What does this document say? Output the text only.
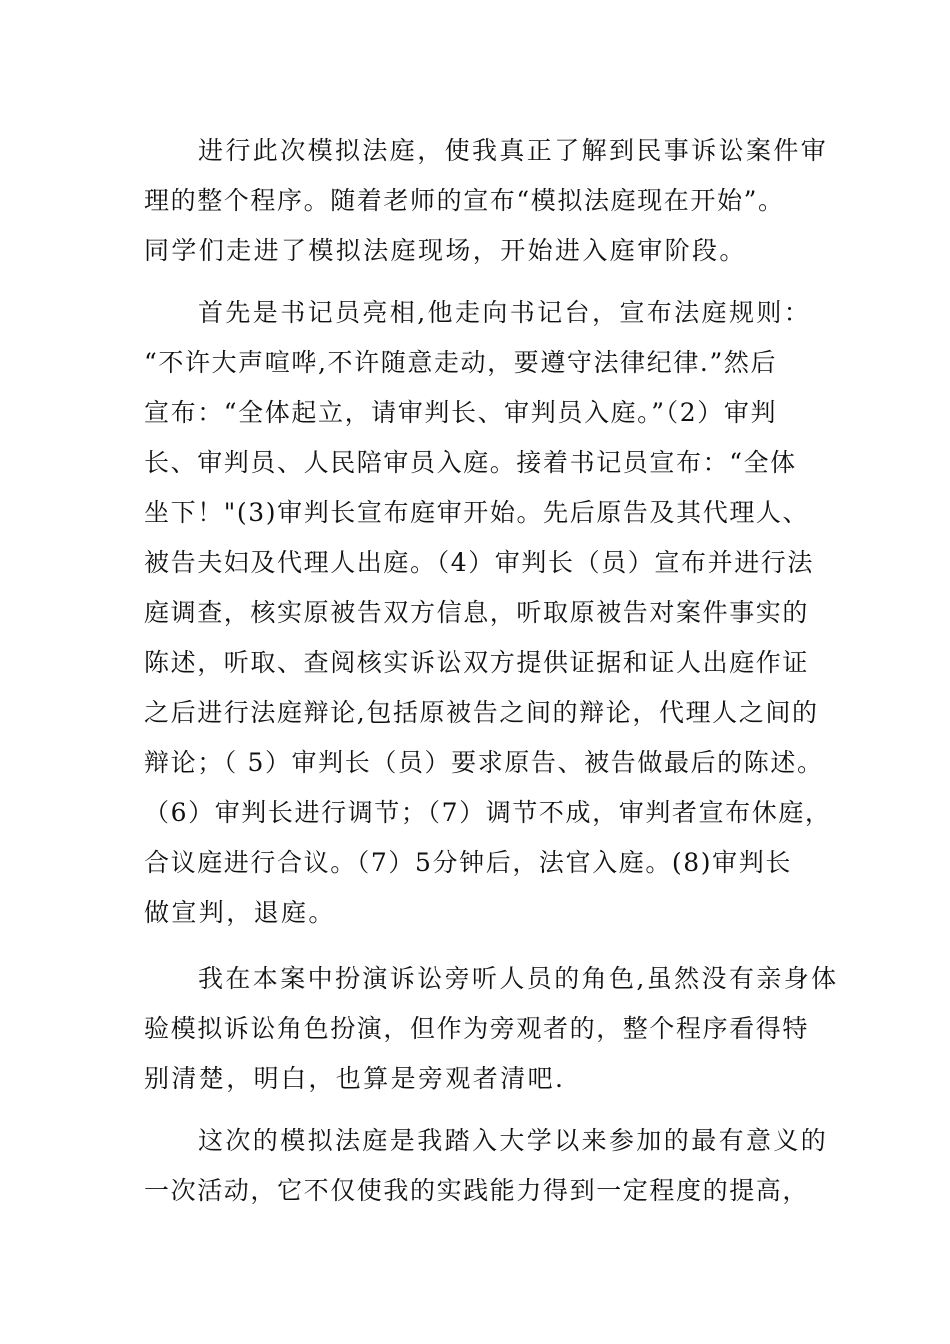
进行此次模拟法庭，使我真正了解到民事诉讼案件审
理的整个程序。随着老师的宣布“模拟法庭现在开始”。
同学们走进了模拟法庭现场，开始进入庭审阶段。

首先是书记员亮相,他走向书记台，宣布法庭规则：
“不许大声喧哗,不许随意走动，要遵守法律纪律.”然后
宣布：“全体起立，请审判长、审判员入庭。”（2）审判
长、审判员、人民陪审员入庭。接着书记员宣布：“全体
坐下！"(3)审判长宣布庭审开始。先后原告及其代理人、
被告夫妇及代理人出庭。（4）审判长（员）宣布并进行法
庭调查，核实原被告双方信息，听取原被告对案件事实的
陈述，听取、查阅核实诉讼双方提供证据和证人出庭作证
之后进行法庭辩论,包括原被告之间的辩论，代理人之间的
辩论；（ 5）审判长（员）要求原告、被告做最后的陈述。
（6）审判长进行调节；（7）调节不成，审判者宣布休庭，
合议庭进行合议。（7）5分钟后，法官入庭。(8)审判长
做宣判，退庭。

我在本案中扮演诉讼旁听人员的角色,虽然没有亲身体
验模拟诉讼角色扮演，但作为旁观者的，整个程序看得特
别清楚，明白，也算是旁观者清吧.

这次的模拟法庭是我踏入大学以来参加的最有意义的
一次活动，它不仅使我的实践能力得到一定程度的提高，
